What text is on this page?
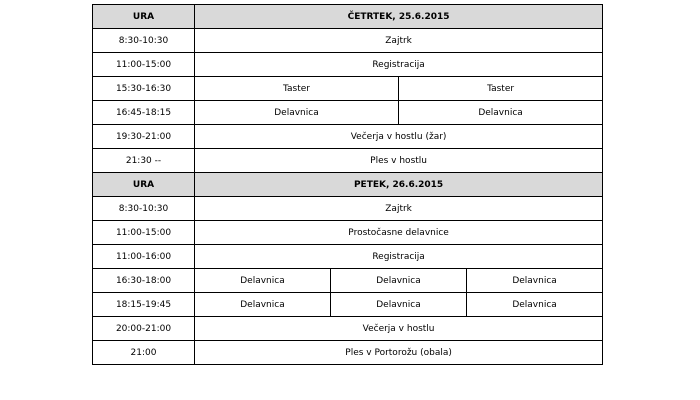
URA	ČETRTEK, 25.6.2015			
8:30-10:30	Zajtrk			
11:00-15:00	Registracija			
15:30-16:30	Taster		Taster	
16:45-18:15	Delavnica		Delavnica	
19:30-21:00	Večerja v hostlu (žar)			
21:30 --	Ples v hostlu			
URA	PETEK, 26.6.2015			
8:30-10:30	Zajtrk			
11:00-15:00	Prostočasne delavnice			
11:00-16:00	Registracija			
16:30-18:00	Delavnica	Delavnica		Delavnica
18:15-19:45	Delavnica	Delavnica		Delavnica
20:00-21:00	Večerja v hostlu			
21:00	Ples v Portorožu (obala)			
